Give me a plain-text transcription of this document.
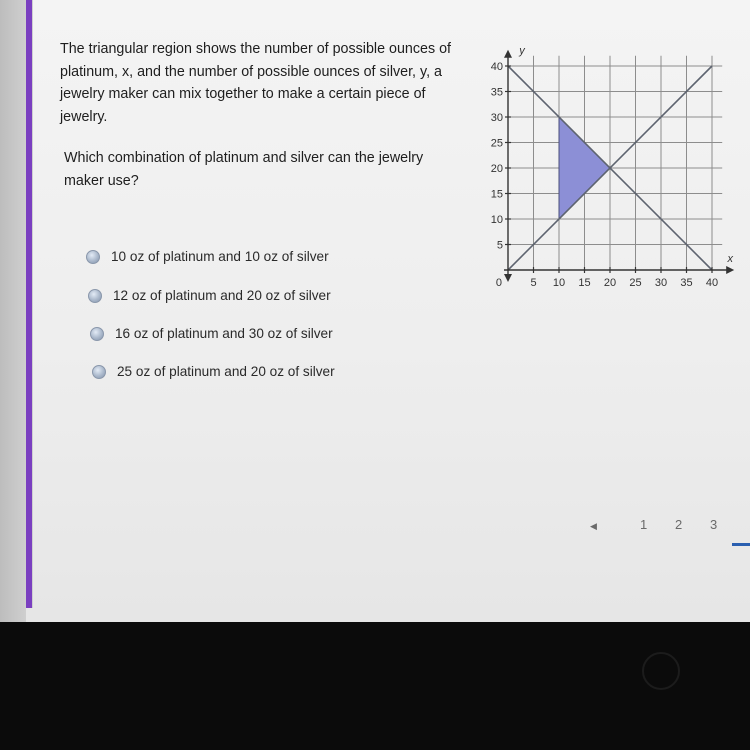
The triangular region shows the number of possible ounces of platinum, x, and the number of possible ounces of silver, y, a jewelry maker can mix together to make a certain piece of jewelry.

Which combination of platinum and silver can the jewelry maker use?

10 oz of platinum and 10 oz of silver
12 oz of platinum and 20 oz of silver
16 oz of platinum and 30 oz of silver
25 oz of platinum and 20 oz of silver
5 10 15 20 25 30 35 40
5
10
15
20
25
30
35
40
0
x
y
◀	1 2 3
